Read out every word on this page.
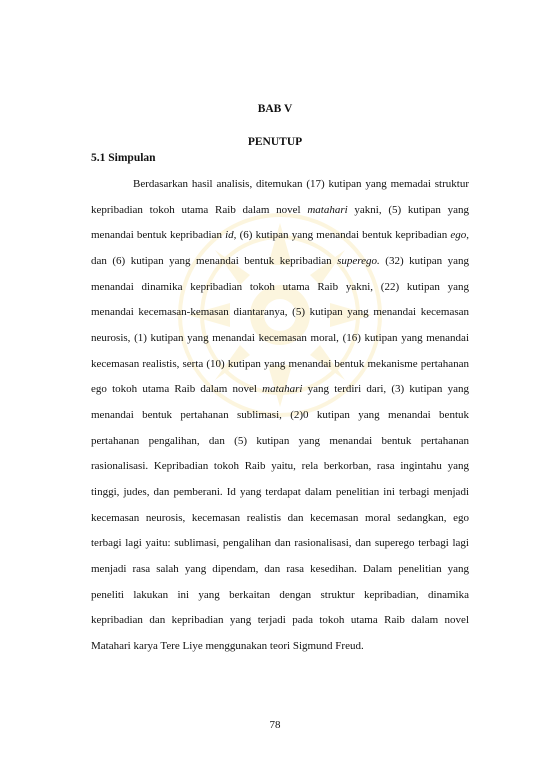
BAB V
PENUTUP
5.1 Simpulan

Berdasarkan hasil analisis, ditemukan (17) kutipan yang memadai struktur kepribadian tokoh utama Raib dalam novel matahari yakni, (5) kutipan yang menandai bentuk kepribadian id, (6) kutipan yang menandai bentuk kepribadian ego, dan (6) kutipan yang menandai bentuk kepribadian superego. (32) kutipan yang menandai dinamika kepribadian tokoh utama Raib yakni, (22) kutipan yang menandai kecemasan-kemasan diantaranya, (5) kutipan yang menandai kecemasan neurosis, (1) kutipan yang menandai kecemasan moral, (16) kutipan yang menandai kecemasan realistis, serta (10) kutipan yang menandai bentuk mekanisme pertahanan ego tokoh utama Raib dalam novel matahari yang terdiri dari, (3) kutipan yang menandai bentuk pertahanan sublimasi, (2)0 kutipan yang menandai bentuk pertahanan pengalihan, dan (5) kutipan yang menandai bentuk pertahanan rasionalisasi. Kepribadian tokoh Raib yaitu, rela berkorban, rasa ingintahu yang tinggi, judes, dan pemberani. Id yang terdapat dalam penelitian ini terbagi menjadi kecemasan neurosis, kecemasan realistis dan kecemasan moral sedangkan, ego terbagi lagi yaitu: sublimasi, pengalihan dan rasionalisasi, dan superego terbagi lagi menjadi rasa salah yang dipendam, dan rasa kesedihan. Dalam penelitian yang peneliti lakukan ini yang berkaitan dengan struktur kepribadian, dinamika kepribadian dan kepribadian yang terjadi pada tokoh utama Raib dalam novel Matahari karya Tere Liye menggunakan teori Sigmund Freud.

78
